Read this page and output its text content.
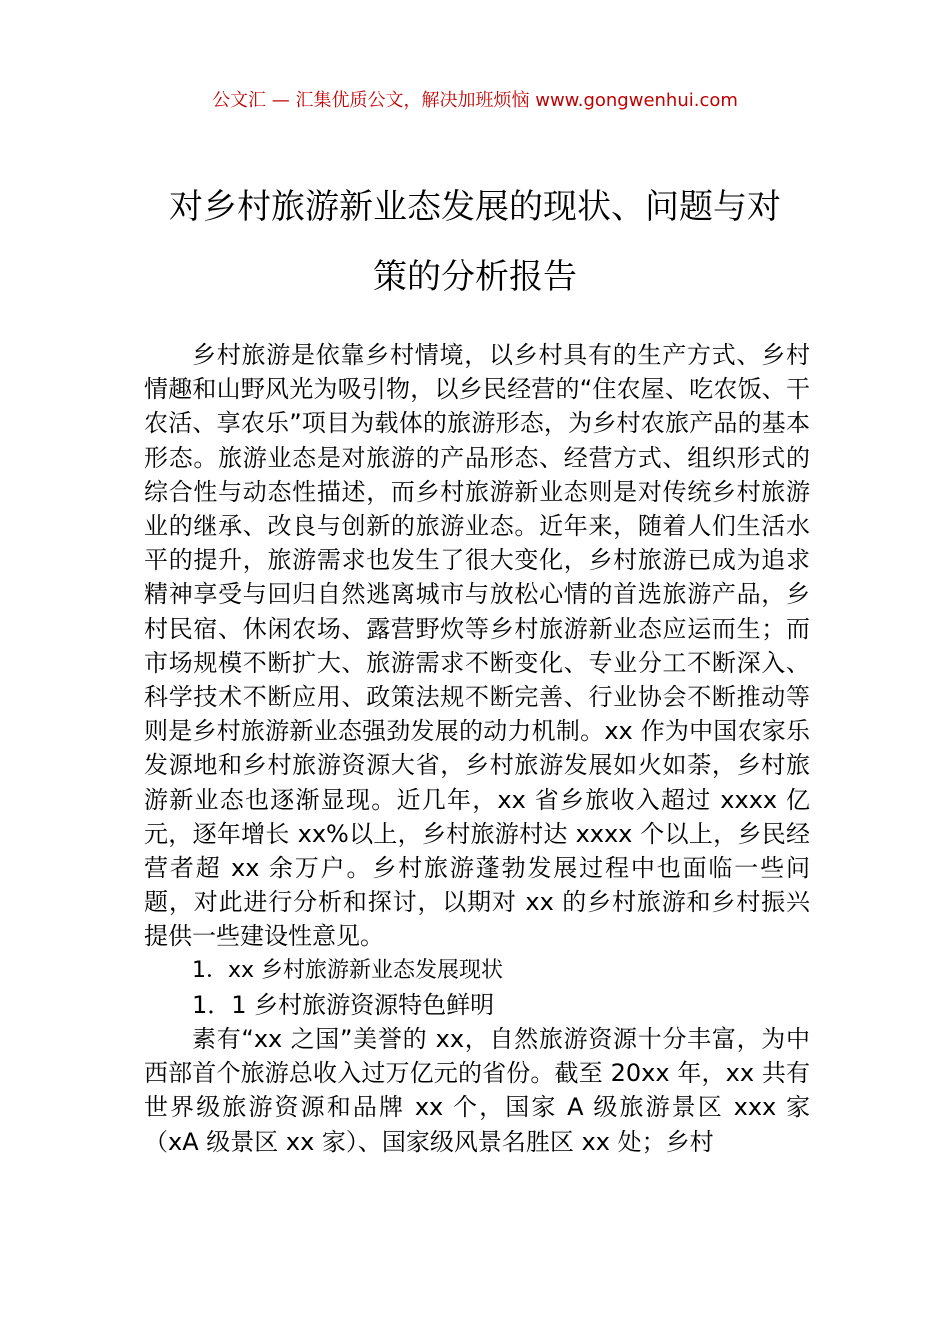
公文汇 — 汇集优质公文，解决加班烦恼 www.gongwenhui.com
对乡村旅游新业态发展的现状、问题与对
策的分析报告

乡村旅游是依靠乡村情境，以乡村具有的生产方式、乡村情趣和山野风光为吸引物，以乡民经营的“住农屋、吃农饭、干农活、享农乐”项目为载体的旅游形态，为乡村农旅产品的基本形态。旅游业态是对旅游的产品形态、经营方式、组织形式的综合性与动态性描述，而乡村旅游新业态则是对传统乡村旅游业的继承、改良与创新的旅游业态。近年来，随着人们生活水平的提升，旅游需求也发生了很大变化，乡村旅游已成为追求精神享受与回归自然逃离城市与放松心情的首选旅游产品，乡村民宿、休闲农场、露营野炊等乡村旅游新业态应运而生；而市场规模不断扩大、旅游需求不断变化、专业分工不断深入、科学技术不断应用、政策法规不断完善、行业协会不断推动等则是乡村旅游新业态强劲发展的动力机制。xx 作为中国农家乐发源地和乡村旅游资源大省，乡村旅游发展如火如荼，乡村旅游新业态也逐渐显现。近几年，xx 省乡旅收入超过 xxxx 亿元，逐年增长 xx%以上，乡村旅游村达 xxxx 个以上，乡民经营者超 xx 余万户。乡村旅游蓬勃发展过程中也面临一些问题，对此进行分析和探讨，以期对 xx 的乡村旅游和乡村振兴提供一些建设性意见。

1．xx 乡村旅游新业态发展现状

1．1 乡村旅游资源特色鲜明

素有“xx 之国”美誉的 xx，自然旅游资源十分丰富，为中西部首个旅游总收入过万亿元的省份。截至 20xx 年，xx 共有世界级旅游资源和品牌 xx 个，国家 A 级旅游景区 xxx 家（xA 级景区 xx 家）、国家级风景名胜区 xx 处；乡村
